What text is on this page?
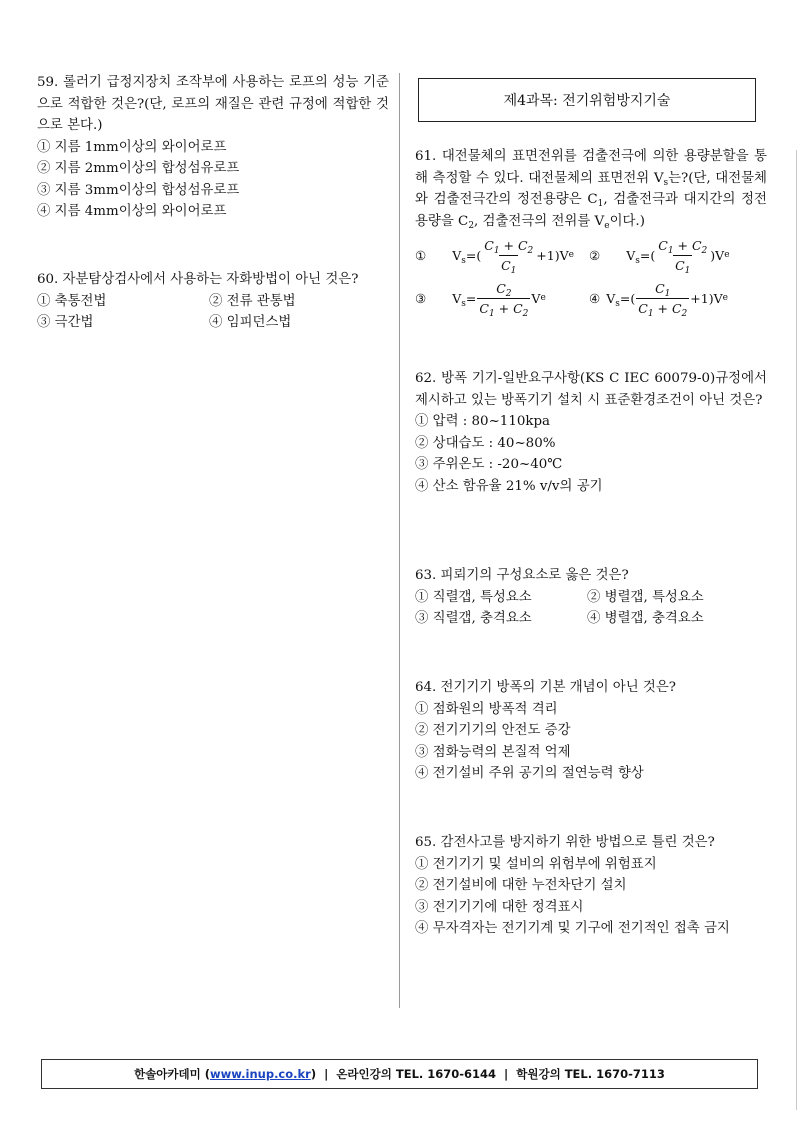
59. 롤러기 급정지장치 조작부에 사용하는 로프의 성능 기준으로 적합한 것은?(단, 로프의 재질은 관련 규정에 적합한 것으로 본다.)
① 지름 1mm이상의 와이어로프
② 지름 2mm이상의 합성섬유로프
③ 지름 3mm이상의 합성섬유로프
④ 지름 4mm이상의 와이어로프
60. 자분탐상검사에서 사용하는 자화방법이 아닌 것은?
① 축통전법	② 전류 관통법
③ 극간법	④ 임피던스법
제4과목: 전기위험방지기술
61. 대전물체의 표면전위를 검출전극에 의한 용량분할을 통해 측정할 수 있다. 대전물체의 표면전위 $V_s$는?(단, 대전물체와 검출전극간의 정전용량은 $C_1$, 검출전극과 대지간의 정전용량을 $C_2$, 검출전극의 전위를 $V_e$이다.)
① $V_s=( \frac{C_1 + C_2}{C_1} +1)V$ e ② $V_s=( \frac{C_1 + C_2}{C_1} )V$ e
③ $V_s= \frac{C_2}{C_1 + C_2}$ V e	④ $V_s=( \frac{C_1}{C_1 + C_2} +1)V$ e
62. 방폭 기기-일반요구사항(KS C IEC 60079-0)규정에서 제시하고 있는 방폭기기 설치 시 표준환경조건이 아닌 것은?
① 압력 : 80~110kpa
② 상대습도 : 40~80%
③ 주위온도 : -20~40℃
④ 산소 함유율 21% v/v의 공기
63. 피뢰기의 구성요소로 옳은 것은?
① 직렬갭, 특성요소	② 병렬갭, 특성요소
③ 직렬갭, 충격요소	④ 병렬갭, 충격요소
64. 전기기기 방폭의 기본 개념이 아닌 것은?
① 점화원의 방폭적 격리
② 전기기기의 안전도 증강
③ 점화능력의 본질적 억제
④ 전기설비 주위 공기의 절연능력 향상
65. 감전사고를 방지하기 위한 방법으로 틀린 것은?
① 전기기기 및 설비의 위험부에 위험표지
② 전기설비에 대한 누전차단기 설치
③ 전기기기에 대한 정격표시
④ 무자격자는 전기기계 및 기구에 전기적인 접촉 금지
한솔아카데미 ( www.inup.co.kr )  |  온라인강의 TEL. 1670-6144  |  학원강의 TEL. 1670-7113
